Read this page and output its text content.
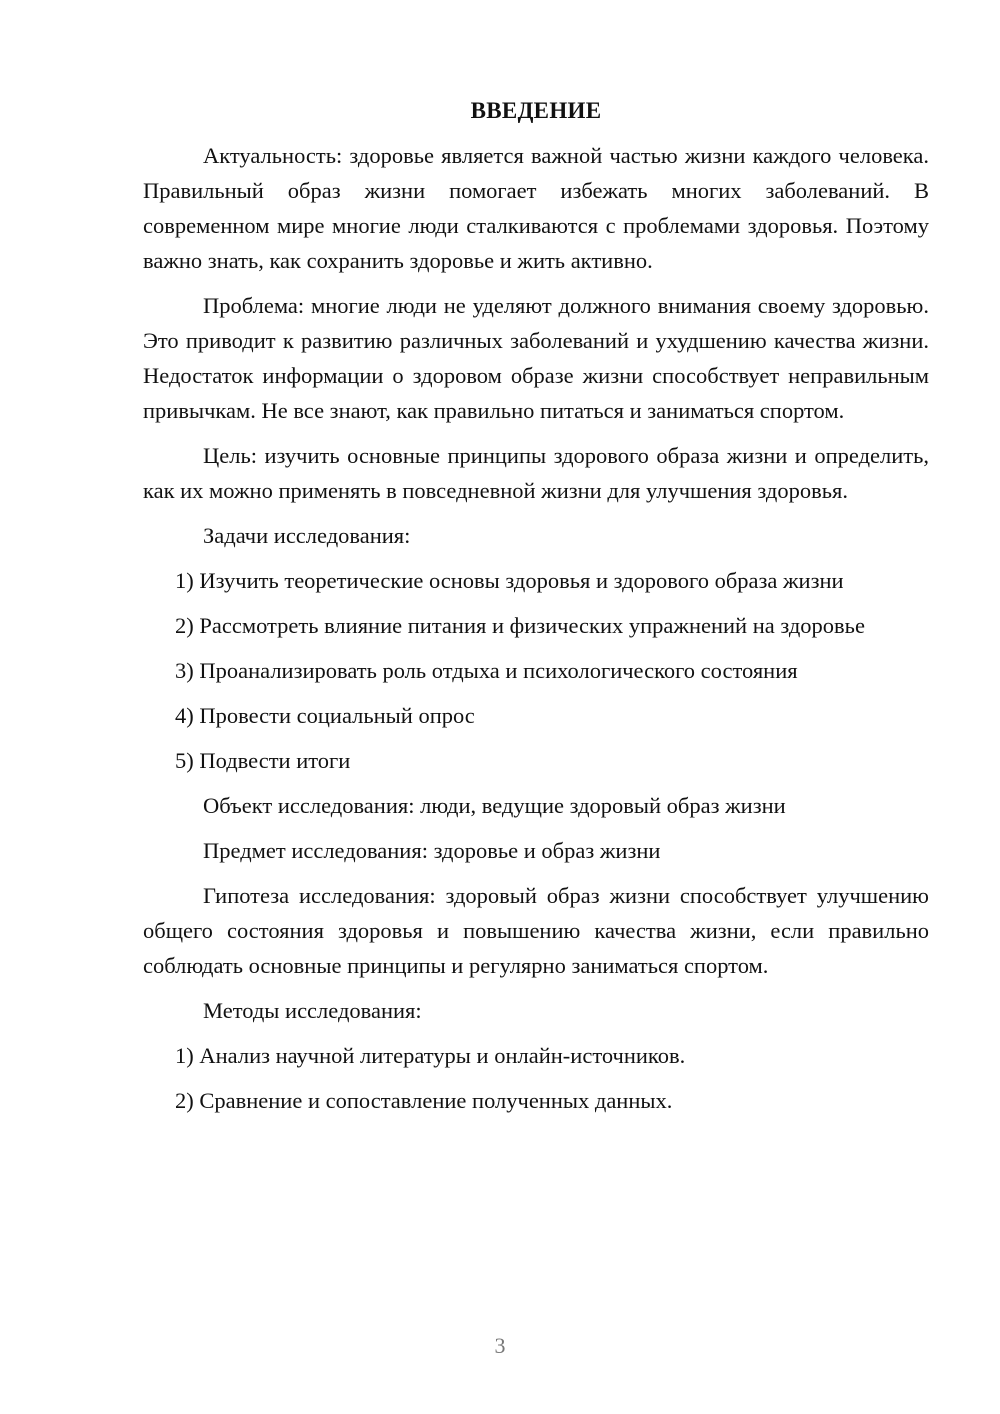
ВВЕДЕНИЕ
Актуальность: здоровье является важной частью жизни каждого человека. Правильный образ жизни помогает избежать многих заболеваний. В современном мире многие люди сталкиваются с проблемами здоровья. Поэтому важно знать, как сохранить здоровье и жить активно.
Проблема: многие люди не уделяют должного внимания своему здоровью. Это приводит к развитию различных заболеваний и ухудшению качества жизни. Недостаток информации о здоровом образе жизни способствует неправильным привычкам. Не все знают, как правильно питаться и заниматься спортом.
Цель: изучить основные принципы здорового образа жизни и определить, как их можно применять в повседневной жизни для улучшения здоровья.
Задачи исследования:
1) Изучить теоретические основы здоровья и здорового образа жизни
2) Рассмотреть влияние питания и физических упражнений на здоровье
3) Проанализировать роль отдыха и психологического состояния
4) Провести социальный опрос
5) Подвести итоги
Объект исследования: люди, ведущие здоровый образ жизни
Предмет исследования: здоровье и образ жизни
Гипотеза исследования: здоровый образ жизни способствует улучшению общего состояния здоровья и повышению качества жизни, если правильно соблюдать основные принципы и регулярно заниматься спортом.
Методы исследования:
1) Анализ научной литературы и онлайн-источников.
2) Сравнение и сопоставление полученных данных.
3
